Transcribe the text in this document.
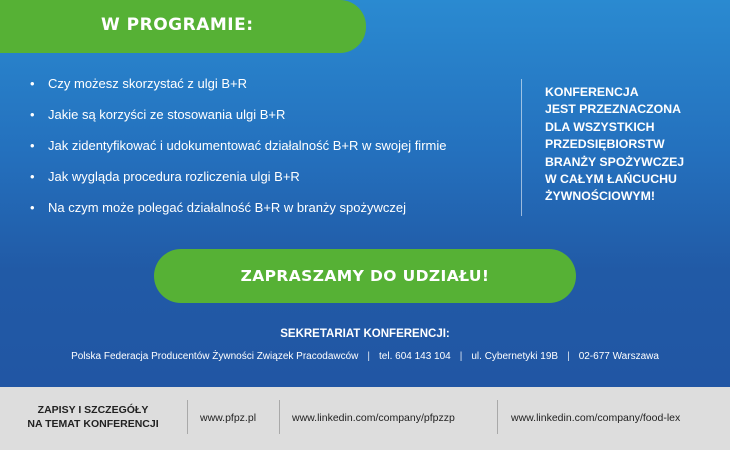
W PROGRAMIE:
• Czy możesz skorzystać z ulgi B+R
• Jakie są korzyści ze stosowania ulgi B+R
• Jak zidentyfikować i udokumentować działalność B+R w swojej firmie
• Jak wygląda procedura rozliczenia ulgi B+R
• Na czym może polegać działalność B+R w branży spożywczej
KONFERENCJA
JEST PRZEZNACZONA
DLA WSZYSTKICH
PRZEDSIĘBIORSTW
BRANŻY SPOŻYWCZEJ
W CAŁYM ŁAŃCUCHU
ŻYWNOŚCIOWYM!
ZAPRASZAMY DO UDZIAŁU!
SEKRETARIAT KONFERENCJI:
Polska Federacja Producentów Żywności Związek Pracodawców | tel. 604 143 104 | ul. Cybernetyki 19B | 02-677 Warszawa
ZAPISY I SZCZEGÓŁY
NA TEMAT KONFERENCJI	www.pfpz.pl	www.linkedin.com/company/pfpzzp	www.linkedin.com/company/food-lex
